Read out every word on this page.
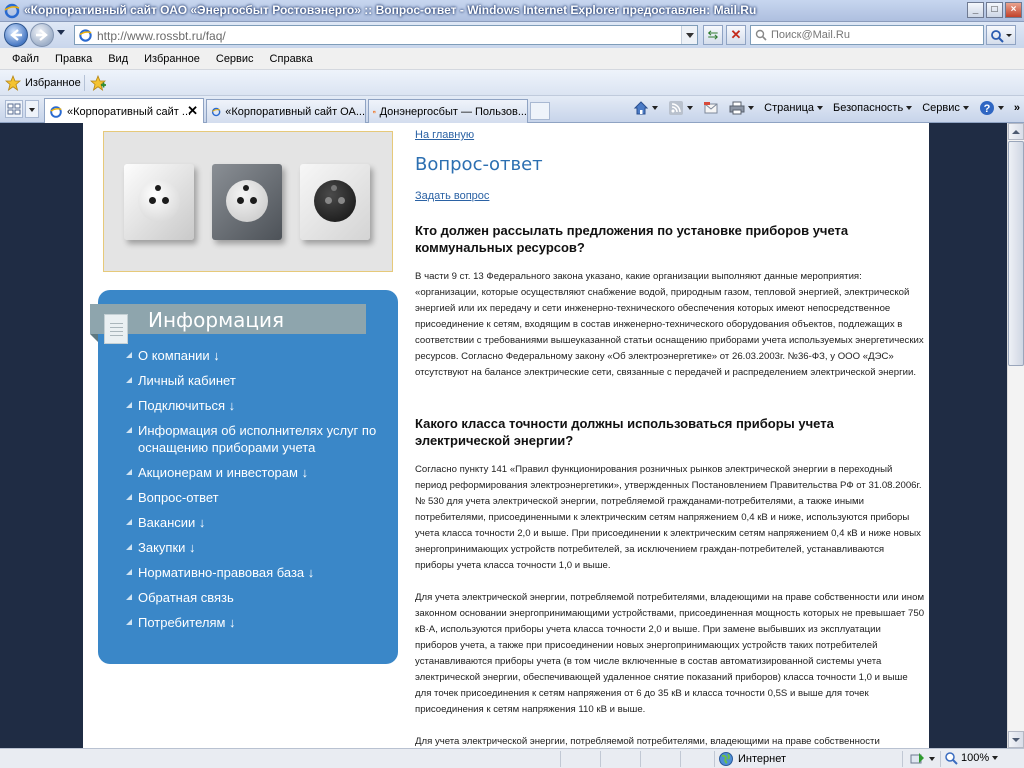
«Корпоративный сайт ОАО «Энергосбыт Ростовэнерго» :: Вопрос-ответ - Windows Internet Explorer предоставлен: Mail.Ru	_	□	×
http://www.rossbt.ru/faq/	⇆ ✕	Поиск@Mail.Ru
Файл	Правка	Вид	Избранное	Сервис	Справка
Избранное
«Корпоративный сайт ...
✕ «Корпоративный сайт ОА... Донэнергосбыт — Пользов...	Страница Безопасность Сервис ? »
Информация
О компании ↓
Личный кабинет
Подключиться ↓
Информация об исполнителях услуг по оснащению приборами учета
Акционерам и инвесторам ↓
Вопрос-ответ
Вакансии ↓
Закупки ↓
Нормативно-правовая база ↓
Обратная связь
Потребителям ↓
На главную
Вопрос-ответ
Задать вопрос
Кто должен рассылать предложения по установке приборов учета коммунальных ресурсов?
В части 9 ст. 13 Федерального закона указано, какие организации выполняют данные мероприятия: «организации, которые осуществляют снабжение водой, природным газом, тепловой энергией, электрической энергией или их передачу и сети инженерно-технического обеспечения которых имеют непосредственное присоединение к сетям, входящим в состав инженерно-технического оборудования объектов, подлежащих в соответствии с требованиями вышеуказанной статьи оснащению приборами учета используемых энергетических ресурсов. Согласно Федеральному закону «Об электроэнергетике» от 26.03.2003г. №36-ФЗ, у ООО «ДЭС» отсутствуют на балансе электрические сети, связанные с передачей и распределением электрической энергии.
Какого класса точности должны использоваться приборы учета электрической энергии?
Согласно пункту 141 «Правил функционирования розничных рынков электрической энергии в переходный период реформирования электроэнергетики», утвержденных Постановлением Правительства РФ от 31.08.2006г. № 530 для учета электрической энергии, потребляемой гражданами-потребителями, а также иными потребителями, присоединенными к электрическим сетям напряжением 0,4 кВ и ниже, используются приборы учета класса точности 2,0 и выше. При присоединении к электрическим сетям напряжением 0,4 кВ и ниже новых энергопринимающих устройств потребителей, за исключением граждан-потребителей, устанавливаются приборы учета класса точности 1,0 и выше.
Для учета электрической энергии, потребляемой потребителями, владеющими на праве собственности или ином законном основании энергопринимающими устройствами, присоединенная мощность которых не превышает 750 кВ·А, используются приборы учета класса точности 2,0 и выше. При замене выбывших из эксплуатации приборов учета, а также при присоединении новых энергопринимающих устройств таких потребителей устанавливаются приборы учета (в том числе включенные в состав автоматизированной системы учета электрической энергии, обеспечивающей удаленное снятие показаний приборов) класса точности 1,0 и выше для точек присоединения к сетям напряжения от 6 до 35 кВ и класса точности 0,5S и выше для точек присоединения к сетям напряжения 110 кВ и выше.
Для учета электрической энергии, потребляемой потребителями, владеющими на праве собственности
Интернет	100%
